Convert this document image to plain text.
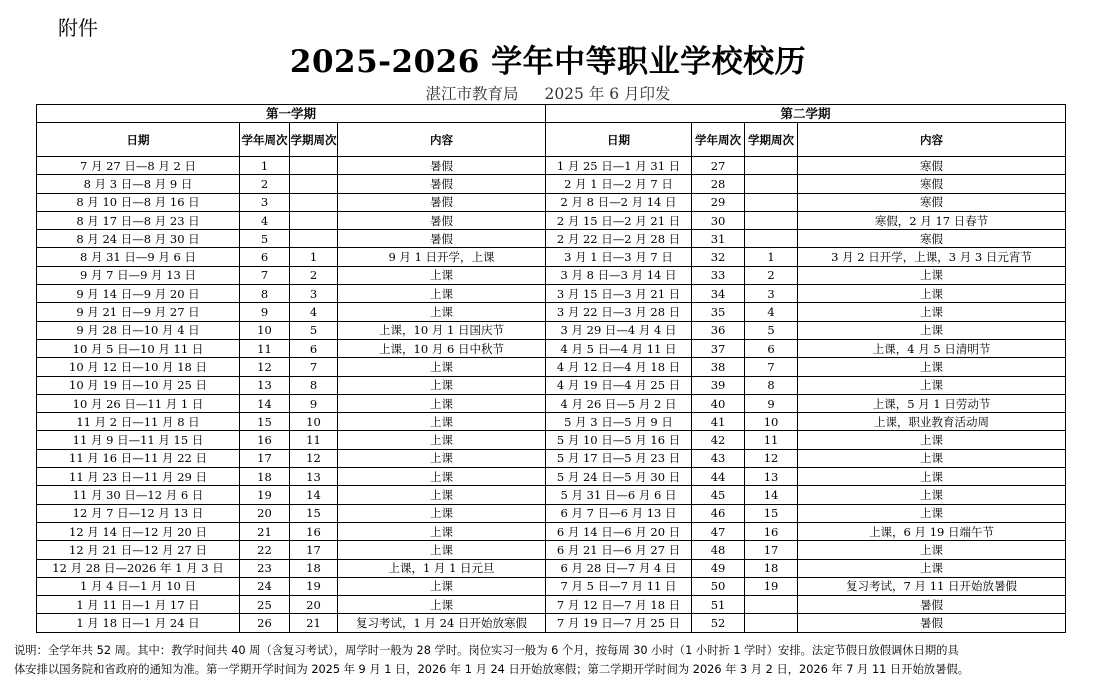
附件
2025-2026 学年中等职业学校校历
湛江市教育局 2025 年 6 月印发
第一学期				第二学期			
日期	学年周次	学期周次	内容	日期	学年周次	学期周次	内容
7 月 27 日—8 月 2 日	1		暑假	1 月 25 日—1 月 31 日	27		寒假
8 月 3 日—8 月 9 日	2		暑假	2 月 1 日—2 月 7 日	28		寒假
8 月 10 日—8 月 16 日	3		暑假	2 月 8 日—2 月 14 日	29		寒假
8 月 17 日—8 月 23 日	4		暑假	2 月 15 日—2 月 21 日	30		寒假，2 月 17 日春节
8 月 24 日—8 月 30 日	5		暑假	2 月 22 日—2 月 28 日	31		寒假
8 月 31 日—9 月 6 日	6	1	9 月 1 日开学，上课	3 月 1 日—3 月 7 日	32	1	3 月 2 日开学，上课，3 月 3 日元宵节
9 月 7 日—9 月 13 日	7	2	上课	3 月 8 日—3 月 14 日	33	2	上课
9 月 14 日—9 月 20 日	8	3	上课	3 月 15 日—3 月 21 日	34	3	上课
9 月 21 日—9 月 27 日	9	4	上课	3 月 22 日—3 月 28 日	35	4	上课
9 月 28 日—10 月 4 日	10	5	上课，10 月 1 日国庆节	3 月 29 日—4 月 4 日	36	5	上课
10 月 5 日—10 月 11 日	11	6	上课，10 月 6 日中秋节	4 月 5 日—4 月 11 日	37	6	上课，4 月 5 日清明节
10 月 12 日—10 月 18 日	12	7	上课	4 月 12 日—4 月 18 日	38	7	上课
10 月 19 日—10 月 25 日	13	8	上课	4 月 19 日—4 月 25 日	39	8	上课
10 月 26 日—11 月 1 日	14	9	上课	4 月 26 日—5 月 2 日	40	9	上课，5 月 1 日劳动节
11 月 2 日—11 月 8 日	15	10	上课	5 月 3 日—5 月 9 日	41	10	上课，职业教育活动周
11 月 9 日—11 月 15 日	16	11	上课	5 月 10 日—5 月 16 日	42	11	上课
11 月 16 日—11 月 22 日	17	12	上课	5 月 17 日—5 月 23 日	43	12	上课
11 月 23 日—11 月 29 日	18	13	上课	5 月 24 日—5 月 30 日	44	13	上课
11 月 30 日—12 月 6 日	19	14	上课	5 月 31 日—6 月 6 日	45	14	上课
12 月 7 日—12 月 13 日	20	15	上课	6 月 7 日—6 月 13 日	46	15	上课
12 月 14 日—12 月 20 日	21	16	上课	6 月 14 日—6 月 20 日	47	16	上课，6 月 19 日端午节
12 月 21 日—12 月 27 日	22	17	上课	6 月 21 日—6 月 27 日	48	17	上课
12 月 28 日—2026 年 1 月 3 日	23	18	上课，1 月 1 日元旦	6 月 28 日—7 月 4 日	49	18	上课
1 月 4 日—1 月 10 日	24	19	上课	7 月 5 日—7 月 11 日	50	19	复习考试，7 月 11 日开始放暑假
1 月 11 日—1 月 17 日	25	20	上课	7 月 12 日—7 月 18 日	51		暑假
1 月 18 日—1 月 24 日	26	21	复习考试，1 月 24 日开始放寒假	7 月 19 日—7 月 25 日	52		暑假
说明：全学年共 52 周。其中：教学时间共 40 周（含复习考试），周学时一般为 28 学时。岗位实习一般为 6 个月，按每周 30 小时（1 小时折 1 学时）安排。法定节假日放假调休日期的具
体安排以国务院和省政府的通知为准。第一学期开学时间为 2025 年 9 月 1 日，2026 年 1 月 24 日开始放寒假；第二学期开学时间为 2026 年 3 月 2 日，2026 年 7 月 11 日开始放暑假。
